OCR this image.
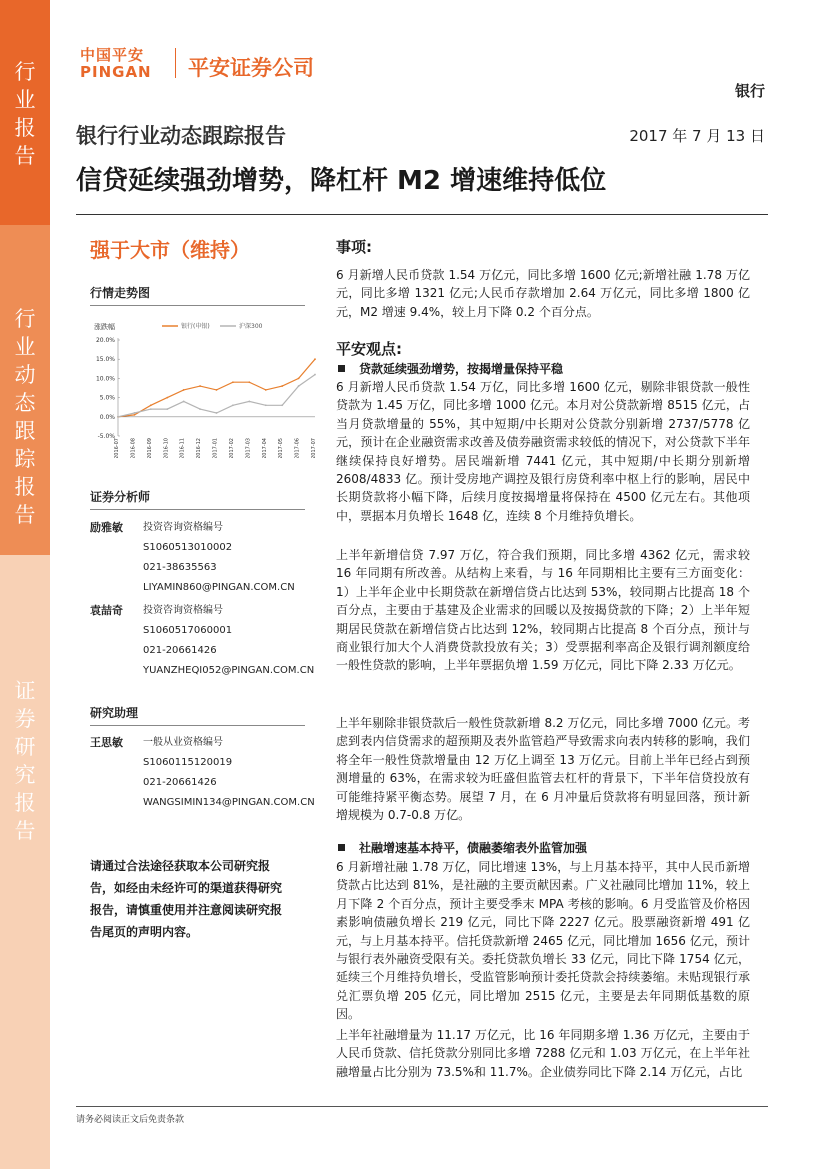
行
业
报
告
行
业
动
态
跟
踪
报
告
证
券
研
究
报
告
中国平安
PINGAN 平安证券公司
银行
银行行业动态跟踪报告	2017 年 7 月 13 日
信贷延续强劲增势，降杠杆 M2 增速维持低位
强于大市（维持）
行情走势图
涨跌幅	银行(申银)	沪深300
20.0%
15.0%
10.0%
5.0%
0.0%
-5.0%
2016-07 2016-08 2016-09 2016-10 2016-11 2016-12 2017-01 2017-02 2017-03 2017-04 2017-05 2017-06 2017-07
证券分析师
励雅敏 投资咨询资格编号
S1060513010002
021-38635563
LIYAMIN860@PINGAN.COM.CN
袁喆奇 投资咨询资格编号
S1060517060001
021-20661426
YUANZHEQI052@PINGAN.COM.CN
研究助理
王思敏 一般从业资格编号
S1060115120019
021-20661426
WANGSIMIN134@PINGAN.COM.CN
请通过合法途径获取本公司研究报告，如经由未经许可的渠道获得研究报告，请慎重使用并注意阅读研究报告尾页的声明内容。
事项:
6 月新增人民币贷款 1.54 万亿元，同比多增 1600 亿元;新增社融 1.78 万亿元，同比多增 1321 亿元;人民币存款增加 2.64 万亿元，同比多增 1800 亿元，M2 增速 9.4%，较上月下降 0.2 个百分点。
平安观点:
贷款延续强劲增势，按揭增量保持平稳
6 月新增人民币贷款 1.54 万亿，同比多增 1600 亿元，剔除非银贷款一般性贷款为 1.45 万亿，同比多增 1000 亿元。本月对公贷款新增 8515 亿元，占当月贷款增量的 55%，其中短期/中长期对公贷款分别新增 2737/5778 亿元，预计在企业融资需求改善及债券融资需求较低的情况下，对公贷款下半年继续保持良好增势。居民端新增 7441 亿元，其中短期/中长期分别新增 2608/4833 亿。预计受房地产调控及银行房贷利率中枢上行的影响，居民中长期贷款将小幅下降，后续月度按揭增量将保持在 4500 亿元左右。其他项中，票据本月负增长 1648 亿，连续 8 个月维持负增长。
上半年新增信贷 7.97 万亿，符合我们预期，同比多增 4362 亿元，需求较 16 年同期有所改善。从结构上来看，与 16 年同期相比主要有三方面变化：1）上半年企业中长期贷款在新增信贷占比达到 53%，较同期占比提高 18 个百分点，主要由于基建及企业需求的回暖以及按揭贷款的下降；2）上半年短期居民贷款在新增信贷占比达到 12%，较同期占比提高 8 个百分点，预计与商业银行加大个人消费贷款投放有关；3）受票据利率高企及银行调剂额度给一般性贷款的影响，上半年票据负增 1.59 万亿元，同比下降 2.33 万亿元。
上半年剔除非银贷款后一般性贷款新增 8.2 万亿元，同比多增 7000 亿元。考虑到表内信贷需求的超预期及表外监管趋严导致需求向表内转移的影响，我们将全年一般性贷款增量由 12 万亿上调至 13 万亿元。目前上半年已经占到预测增量的 63%，在需求较为旺盛但监管去杠杆的背景下，下半年信贷投放有可能维持紧平衡态势。展望 7 月，在 6 月冲量后贷款将有明显回落，预计新增规模为 0.7-0.8 万亿。
社融增速基本持平，债融萎缩表外监管加强
6 月新增社融 1.78 万亿，同比增速 13%，与上月基本持平，其中人民币新增贷款占比达到 81%，是社融的主要贡献因素。广义社融同比增加 11%，较上月下降 2 个百分点，预计主要受季末 MPA 考核的影响。6 月受监管及价格因素影响债融负增长 219 亿元，同比下降 2227 亿元。股票融资新增 491 亿元，与上月基本持平。信托贷款新增 2465 亿元，同比增加 1656 亿元，预计与银行表外融资受限有关。委托贷款负增长 33 亿元，同比下降 1754 亿元，延续三个月维持负增长，受监管影响预计委托贷款会持续萎缩。未贴现银行承兑汇票负增 205 亿元，同比增加 2515 亿元，主要是去年同期低基数的原因。
上半年社融增量为 11.17 万亿元，比 16 年同期多增 1.36 万亿元，主要由于人民币贷款、信托贷款分别同比多增 7288 亿元和 1.03 万亿元，在上半年社融增量占比分别为 73.5%和 11.7%。企业债券同比下降 2.14 万亿元，占比
请务必阅读正文后免责条款
